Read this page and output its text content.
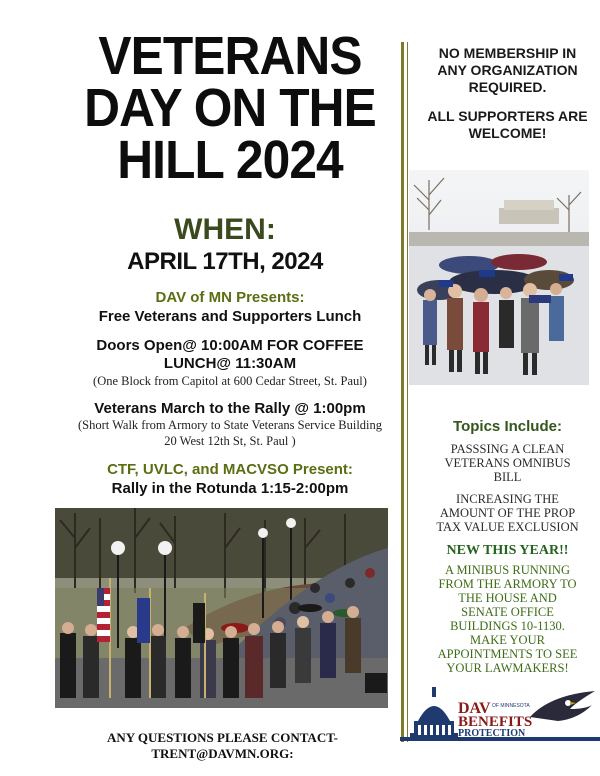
VETERANS
DAY ON THE
HILL 2024
WHEN:
APRIL 17TH, 2024
DAV of MN Presents:
Free Veterans and Supporters Lunch
Doors Open@ 10:00AM FOR COFFEE
LUNCH@ 11:30AM
(One Block from Capitol at 600 Cedar Street, St. Paul)
Veterans March to the Rally @ 1:00pm
(Short Walk from Armory to State Veterans Service Building
20 West 12th St, St. Paul )
CTF, UVLC, and MACVSO Present:
Rally in the Rotunda 1:15-2:00pm
NO MEMBERSHIP IN
ANY ORGANIZATION
REQUIRED.
ALL SUPPORTERS ARE
WELCOME!
Topics Include:
PASSSING A CLEAN
VETERANS OMNIBUS
BILL
INCREASING THE
AMOUNT OF THE PROP
TAX VALUE EXCLUSION
NEW THIS YEAR!!
A MINIBUS RUNNING
FROM THE ARMORY TO
THE HOUSE AND
SENATE OFFICE
BUILDINGS 10-1130.
MAKE YOUR
APPOINTMENTS TO SEE
YOUR LAWMAKERS!
ANY QUESTIONS PLEASE CONTACT-
TRENT@DAVMN.ORG:
DAV OF MINNESOTA
BENEFITS
PROTECTION
